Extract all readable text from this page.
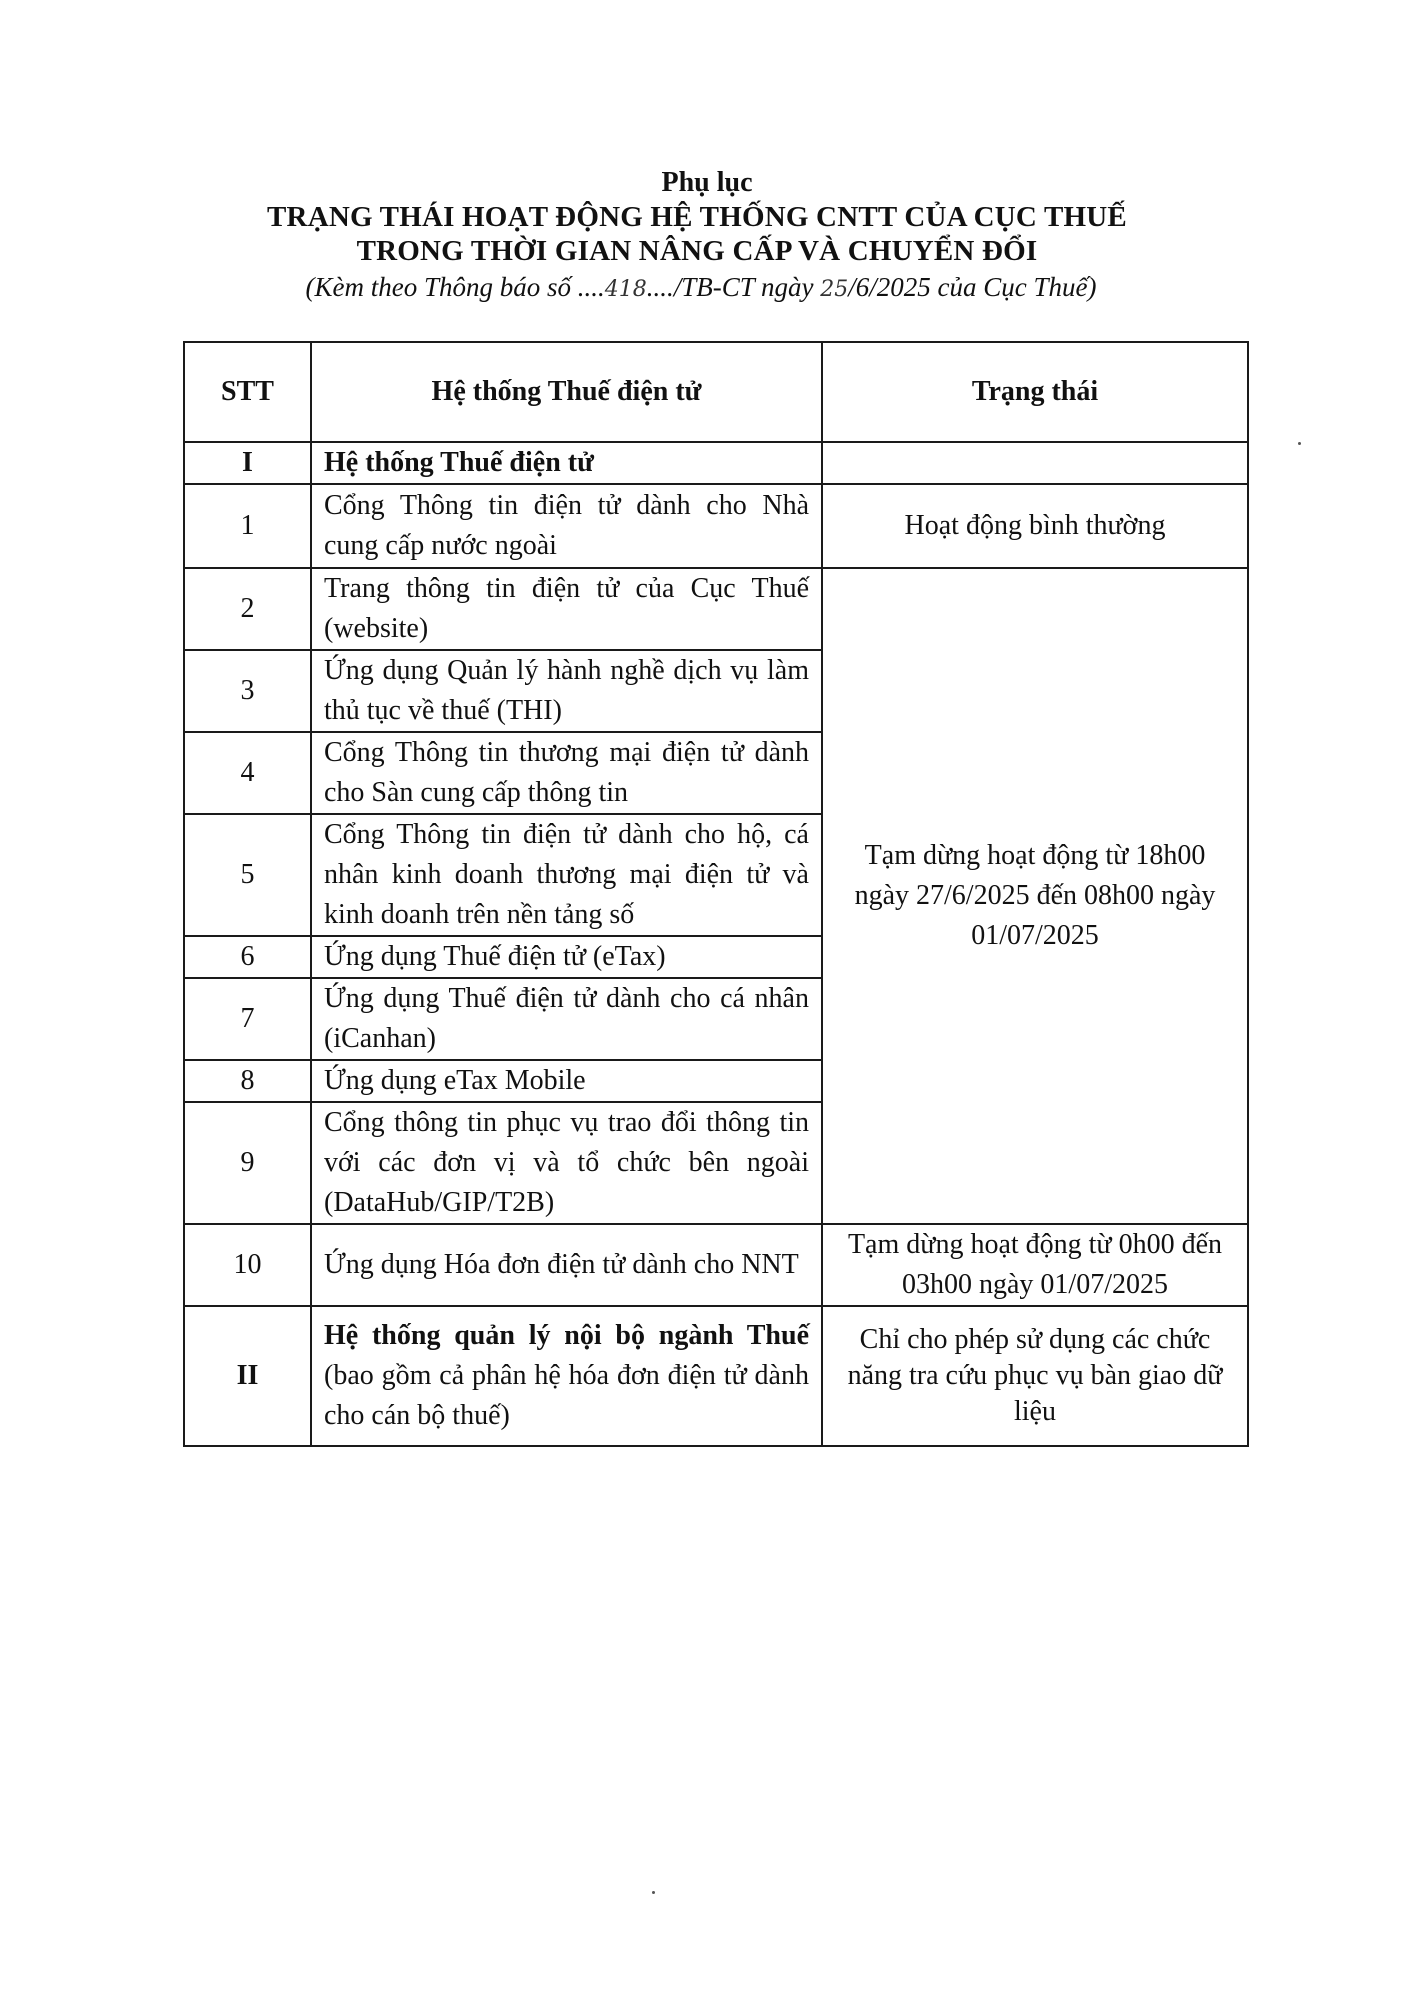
Phụ lục
TRẠNG THÁI HOẠT ĐỘNG HỆ THỐNG CNTT CỦA CỤC THUẾ
TRONG THỜI GIAN NÂNG CẤP VÀ CHUYỂN ĐỔI
(Kèm theo Thông báo số ....418..../TB-CT ngày 25/6/2025 của Cục Thuế)
STT	Hệ thống Thuế điện tử	Trạng thái
I	Hệ thống Thuế điện tử	
1	Cổng Thông tin điện tử dành cho Nhà cung cấp nước ngoài	Hoạt động bình thường
2	Trang thông tin điện tử của Cục Thuế (website)	Tạm dừng hoạt động từ 18h00 ngày 27/6/2025 đến 08h00 ngày 01/07/2025
3	Ứng dụng Quản lý hành nghề dịch vụ làm thủ tục về thuế (THI)	
4	Cổng Thông tin thương mại điện tử dành cho Sàn cung cấp thông tin	
5	Cổng Thông tin điện tử dành cho hộ, cá nhân kinh doanh thương mại điện tử và kinh doanh trên nền tảng số	
6	Ứng dụng Thuế điện tử (eTax)	
7	Ứng dụng Thuế điện tử dành cho cá nhân (iCanhan)	
8	Ứng dụng eTax Mobile	
9	Cổng thông tin phục vụ trao đổi thông tin với các đơn vị và tổ chức bên ngoài (DataHub/GIP/T2B)	
10	Ứng dụng Hóa đơn điện tử dành cho NNT	Tạm dừng hoạt động từ 0h00 đến 03h00 ngày 01/07/2025
II	Hệ thống quản lý nội bộ ngành Thuế (bao gồm cả phân hệ hóa đơn điện tử dành cho cán bộ thuế)	Chỉ cho phép sử dụng các chức năng tra cứu phục vụ bàn giao dữ liệu
